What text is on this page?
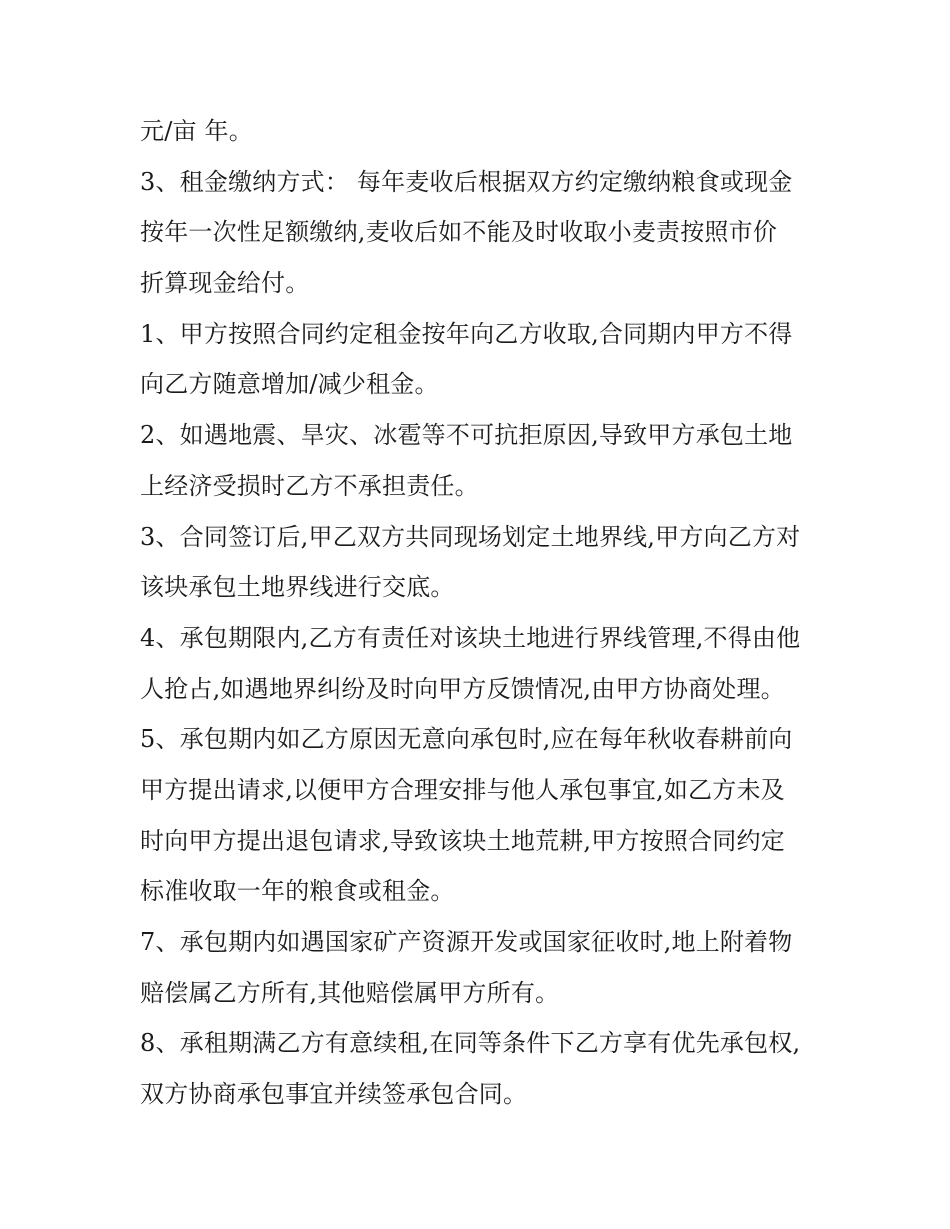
元/亩 年。
3、租金缴纳方式： 每年麦收后根据双方约定缴纳粮食或现金
按年一次性足额缴纳,麦收后如不能及时收取小麦责按照市价
折算现金给付。
1、甲方按照合同约定租金按年向乙方收取,合同期内甲方不得
向乙方随意增加/减少租金。
2、如遇地震、旱灾、冰雹等不可抗拒原因,导致甲方承包土地
上经济受损时乙方不承担责任。
3、合同签订后,甲乙双方共同现场划定土地界线,甲方向乙方对
该块承包土地界线进行交底。
4、承包期限内,乙方有责任对该块土地进行界线管理,不得由他
人抢占,如遇地界纠纷及时向甲方反馈情况,由甲方协商处理。
5、承包期内如乙方原因无意向承包时,应在每年秋收春耕前向
甲方提出请求,以便甲方合理安排与他人承包事宜,如乙方未及
时向甲方提出退包请求,导致该块土地荒耕,甲方按照合同约定
标准收取一年的粮食或租金。
7、承包期内如遇国家矿产资源开发或国家征收时,地上附着物
赔偿属乙方所有,其他赔偿属甲方所有。
8、承租期满乙方有意续租,在同等条件下乙方享有优先承包权,
双方协商承包事宜并续签承包合同。
